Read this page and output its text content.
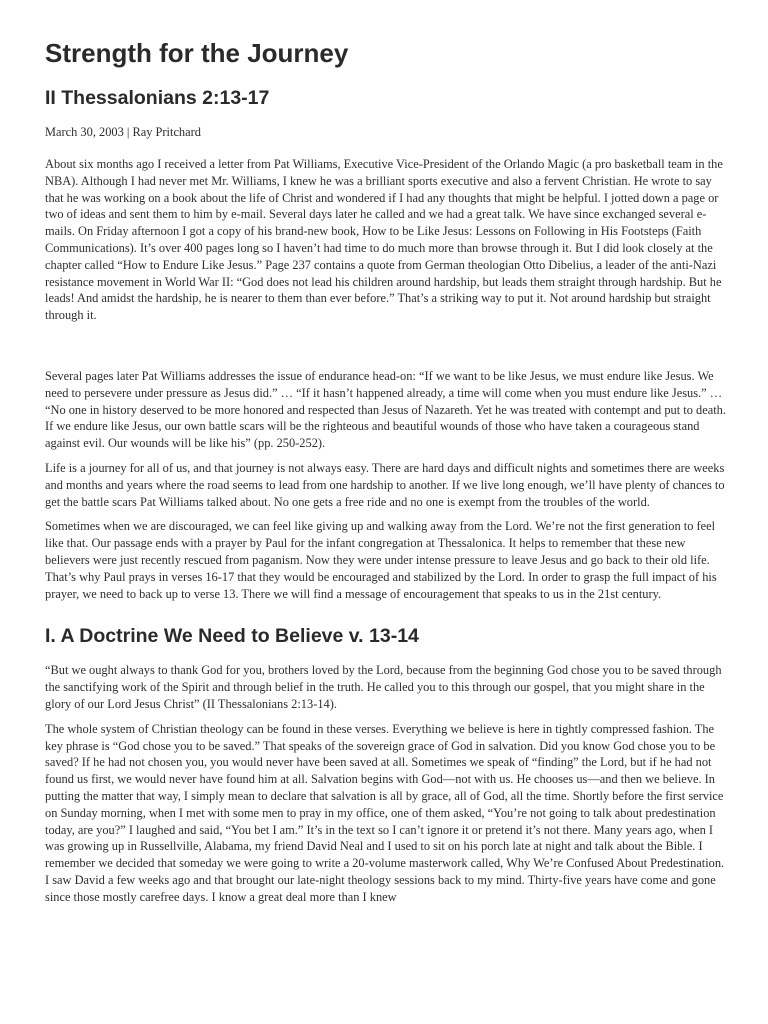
Strength for the Journey
II Thessalonians 2:13-17
March 30, 2003 | Ray Pritchard

About six months ago I received a letter from Pat Williams, Executive Vice-President of the Orlando Magic (a pro basketball team in the NBA). Although I had never met Mr. Williams, I knew he was a brilliant sports executive and also a fervent Christian. He wrote to say that he was working on a book about the life of Christ and wondered if I had any thoughts that might be helpful. I jotted down a page or two of ideas and sent them to him by e-mail. Several days later he called and we had a great talk. We have since exchanged several e-mails. On Friday afternoon I got a copy of his brand-new book, How to be Like Jesus: Lessons on Following in His Footsteps (Faith Communications). It’s over 400 pages long so I haven’t had time to do much more than browse through it. But I did look closely at the chapter called “How to Endure Like Jesus.” Page 237 contains a quote from German theologian Otto Dibelius, a leader of the anti-Nazi resistance movement in World War II: “God does not lead his children around hardship, but leads them straight through hardship. But he leads! And amidst the hardship, he is nearer to them than ever before.” That’s a striking way to put it. Not around hardship but straight through it.

Several pages later Pat Williams addresses the issue of endurance head-on: “If we want to be like Jesus, we must endure like Jesus. We need to persevere under pressure as Jesus did.” … “If it hasn’t happened already, a time will come when you must endure like Jesus.” … “No one in history deserved to be more honored and respected than Jesus of Nazareth. Yet he was treated with contempt and put to death. If we endure like Jesus, our own battle scars will be the righteous and beautiful wounds of those who have taken a courageous stand against evil. Our wounds will be like his” (pp. 250-252).

Life is a journey for all of us, and that journey is not always easy. There are hard days and difficult nights and sometimes there are weeks and months and years where the road seems to lead from one hardship to another. If we live long enough, we’ll have plenty of chances to get the battle scars Pat Williams talked about. No one gets a free ride and no one is exempt from the troubles of the world.

Sometimes when we are discouraged, we can feel like giving up and walking away from the Lord. We’re not the first generation to feel like that. Our passage ends with a prayer by Paul for the infant congregation at Thessalonica. It helps to remember that these new believers were just recently rescued from paganism. Now they were under intense pressure to leave Jesus and go back to their old life. That’s why Paul prays in verses 16-17 that they would be encouraged and stabilized by the Lord. In order to grasp the full impact of his prayer, we need to back up to verse 13. There we will find a message of encouragement that speaks to us in the 21st century.

I. A Doctrine We Need to Believe v. 13-14

“But we ought always to thank God for you, brothers loved by the Lord, because from the beginning God chose you to be saved through the sanctifying work of the Spirit and through belief in the truth. He called you to this through our gospel, that you might share in the glory of our Lord Jesus Christ” (II Thessalonians 2:13-14).

The whole system of Christian theology can be found in these verses. Everything we believe is here in tightly compressed fashion. The key phrase is “God chose you to be saved.” That speaks of the sovereign grace of God in salvation. Did you know God chose you to be saved? If he had not chosen you, you would never have been saved at all. Sometimes we speak of “finding” the Lord, but if he had not found us first, we would never have found him at all. Salvation begins with God—not with us. He chooses us—and then we believe. In putting the matter that way, I simply mean to declare that salvation is all by grace, all of God, all the time. Shortly before the first service on Sunday morning, when I met with some men to pray in my office, one of them asked, “You’re not going to talk about predestination today, are you?” I laughed and said, “You bet I am.” It’s in the text so I can’t ignore it or pretend it’s not there. Many years ago, when I was growing up in Russellville, Alabama, my friend David Neal and I used to sit on his porch late at night and talk about the Bible. I remember we decided that someday we were going to write a 20-volume masterwork called, Why We’re Confused About Predestination. I saw David a few weeks ago and that brought our late-night theology sessions back to my mind. Thirty-five years have come and gone since those mostly carefree days. I know a great deal more than I knew
